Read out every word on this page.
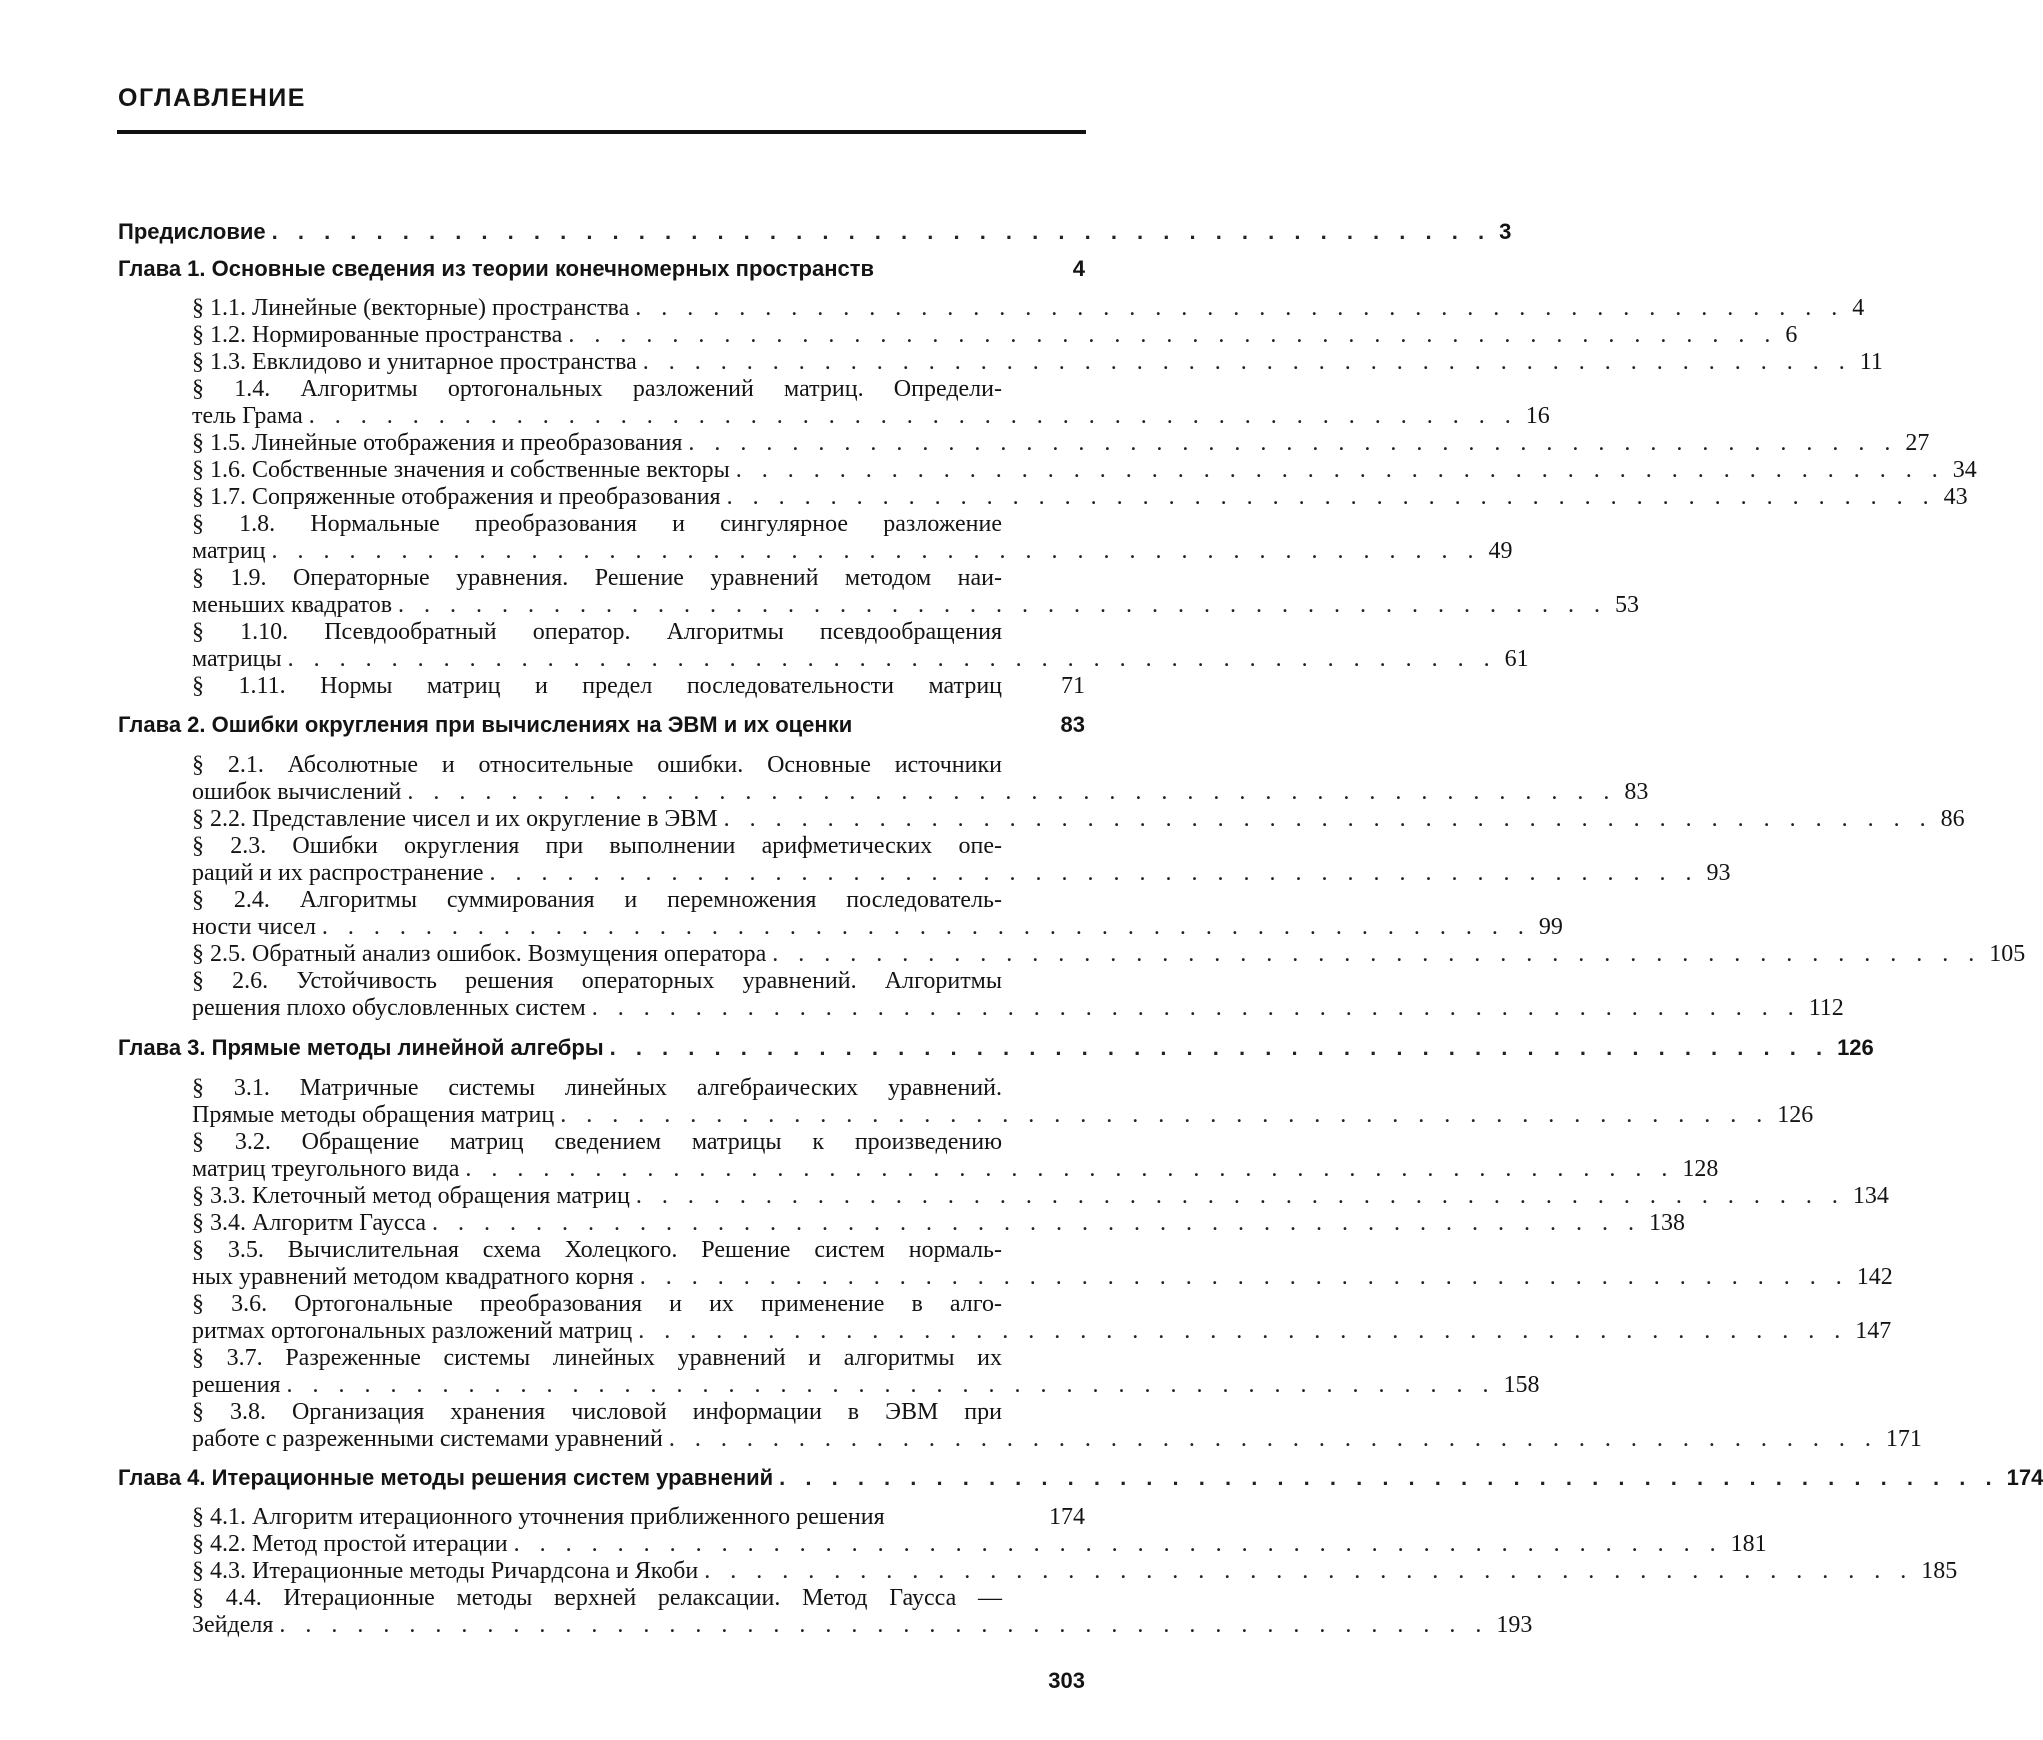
ОГЛАВЛЕНИЕ
Предисловие . . .	3
Глава 1. Основные сведения из теории конечномерных пространств	4
§ 1.1. Линейные (векторные) пространства . . .	4
§ 1.2. Нормированные пространства . . .	6
§ 1.3. Евклидово и унитарное пространства . . .	11
§ 1.4. Алгоритмы ортогональных разложений матриц. Определи-
тель Грама . . .	16
§ 1.5. Линейные отображения и преобразования . . .	27
§ 1.6. Собственные значения и собственные векторы . . .	34
§ 1.7. Сопряженные отображения и преобразования . . .	43
§ 1.8. Нормальные преобразования и сингулярное разложение
матриц . . .	49
§ 1.9. Операторные уравнения. Решение уравнений методом наи-
меньших квадратов . . .	53
§ 1.10. Псевдообратный оператор. Алгоритмы псевдообращения
матрицы . . .	61
§ 1.11. Нормы матриц и предел последовательности матриц 71
Глава 2. Ошибки округления при вычислениях на ЭВМ и их оценки	83
§ 2.1. Абсолютные и относительные ошибки. Основные источники
ошибок вычислений . . .	83
§ 2.2. Представление чисел и их округление в ЭВМ . . .	86
§ 2.3. Ошибки округления при выполнении арифметических опе-
раций и их распространение . . .	93
§ 2.4. Алгоритмы суммирования и перемножения последователь-
ности чисел . . .	99
§ 2.5. Обратный анализ ошибок. Возмущения оператора . . .	105
§ 2.6. Устойчивость решения операторных уравнений. Алгоритмы
решения плохо обусловленных систем . . .	112
Глава 3. Прямые методы линейной алгебры . . .	126
§ 3.1. Матричные системы линейных алгебраических уравнений.
Прямые методы обращения матриц . . .	126
§ 3.2. Обращение матриц сведением матрицы к произведению
матриц треугольного вида . . .	128
§ 3.3. Клеточный метод обращения матриц . . .	134
§ 3.4. Алгоритм Гаусса . . .	138
§ 3.5. Вычислительная схема Холецкого. Решение систем нормаль-
ных уравнений методом квадратного корня . . .	142
§ 3.6. Ортогональные преобразования и их применение в алго-
ритмах ортогональных разложений матриц . . .	147
§ 3.7. Разреженные системы линейных уравнений и алгоритмы их
решения . . .	158
§ 3.8. Организация хранения числовой информации в ЭВМ при
работе с разреженными системами уравнений . . .	171
Глава 4. Итерационные методы решения систем уравнений . . .	174
§ 4.1. Алгоритм итерационного уточнения приближенного решения	174
§ 4.2. Метод простой итерации . . .	181
§ 4.3. Итерационные методы Ричардсона и Якоби . . .	185
§ 4.4. Итерационные методы верхней релаксации. Метод Гаусса —
Зейделя . . .	193
303
